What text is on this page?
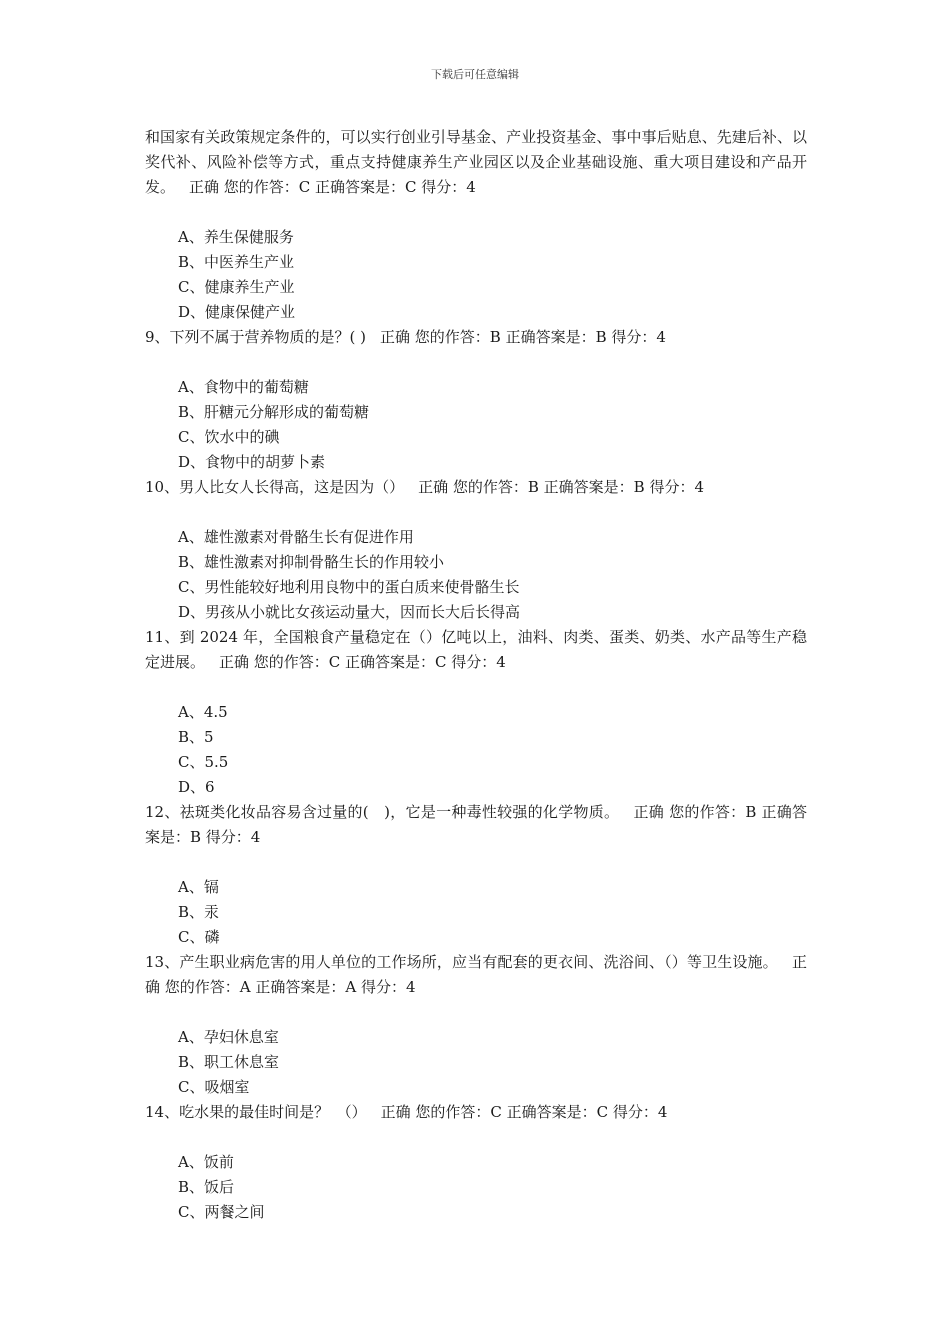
下载后可任意编辑
和国家有关政策规定条件的，可以实行创业引导基金、产业投资基金、事中事后贴息、先建后补、以奖代补、风险补偿等方式，重点支持健康养生产业园区以及企业基础设施、重大项目建设和产品开发。 正确 您的作答：C 正确答案是：C 得分：4
A、养生保健服务
B、中医养生产业
C、健康养生产业
D、健康保健产业
9、下列不属于营养物质的是？( ) 正确 您的作答：B 正确答案是：B 得分：4
A、食物中的葡萄糖
B、肝糖元分解形成的葡萄糖
C、饮水中的碘
D、食物中的胡萝卜素
10、男人比女人长得高，这是因为（） 正确 您的作答：B 正确答案是：B 得分：4
A、雄性激素对骨骼生长有促进作用
B、雄性激素对抑制骨骼生长的作用较小
C、男性能较好地利用良物中的蛋白质来使骨骼生长
D、男孩从小就比女孩运动量大，因而长大后长得高
11、到 2024 年，全国粮食产量稳定在（）亿吨以上，油料、肉类、蛋类、奶类、水产品等生产稳定进展。 正确 您的作答：C 正确答案是：C 得分：4
A、4.5
B、5
C、5.5
D、6
12、祛斑类化妆品容易含过量的(　)，它是一种毒性较强的化学物质。 正确 您的作答：B 正确答案是：B 得分：4
A、镉
B、汞
C、磷
13、产生职业病危害的用人单位的工作场所，应当有配套的更衣间、洗浴间、（）等卫生设施。 正确 您的作答：A 正确答案是：A 得分：4
A、孕妇休息室
B、职工休息室
C、吸烟室
14、吃水果的最佳时间是？　（） 正确 您的作答：C 正确答案是：C 得分：4
A、饭前
B、饭后
C、两餐之间
